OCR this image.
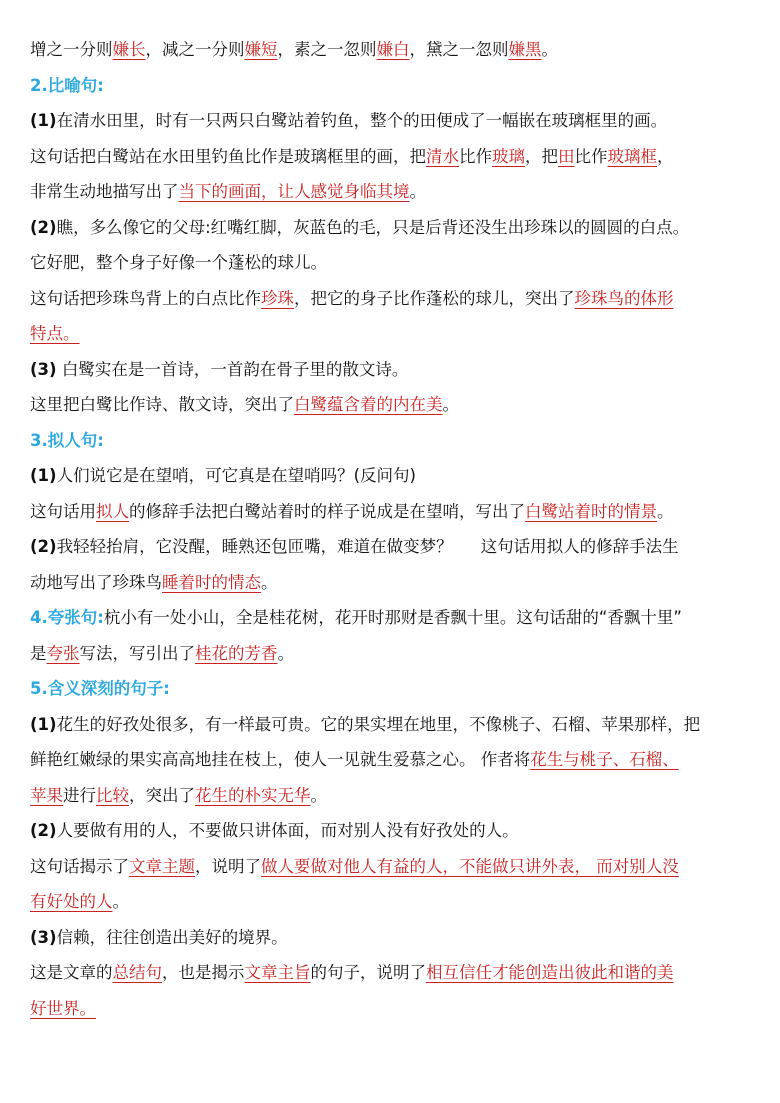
增之一分则嫌长，减之一分则嫌短，素之一忽则嫌白，黛之一忽则嫌黑。
2.比喻句:
(1)在清水田里，时有一只两只白鹭站着钓鱼，整个的田便成了一幅嵌在玻璃框里的画。
这句话把白鹭站在水田里钓鱼比作是玻璃框里的画，把清水比作玻璃，把田比作玻璃框，
非常生动地描写出了当下的画面，让人感觉身临其境。
(2)瞧，多么像它的父母:红嘴红脚，灰蓝色的毛，只是后背还没生出珍珠以的圆圆的白点。
它好肥，整个身子好像一个蓬松的球儿。
这句话把珍珠鸟背上的白点比作珍珠，把它的身子比作蓬松的球儿，突出了珍珠鸟的体形
特点。
(3) 白鹭实在是一首诗，一首韵在骨子里的散文诗。
这里把白鹭比作诗、散文诗，突出了白鹭蕴含着的内在美。
3.拟人句:
(1)人们说它是在望哨，可它真是在望哨吗？(反问句)
这句话用拟人的修辞手法把白鹭站着时的样子说成是在望哨，写出了白鹭站着时的情景。
(2)我轻轻抬肩，它没醒，睡熟还包匝嘴，难道在做变梦？ 这句话用拟人的修辞手法生
动地写出了珍珠鸟睡着时的情态。
4.夸张句:杭小有一处小山，全是桂花树，花开时那财是香飘十里。这句话甜的“香飘十里”
是夸张写法，写引出了桂花的芳香。
5.含义深刻的句子:
(1)花生的好孜处很多，有一样最可贵。它的果实埋在地里，不像桃子、石榴、苹果那样，把
鲜艳红嫩绿的果实高高地挂在枝上，使人一见就生爱慕之心。 作者将花生与桃子、石榴、
苹果进行比较，突出了花生的朴实无华。
(2)人要做有用的人，不要做只讲体面，而对别人没有好孜处的人。
这句话揭示了文章主题，说明了做人要做对他人有益的人，不能做只讲外表， 而对别人没
有好处的人。
(3)信赖，往往创造出美好的境界。
这是文章的总结句，也是揭示文章主旨的句子，说明了相互信任才能创造出彼此和谐的美
好世界。
